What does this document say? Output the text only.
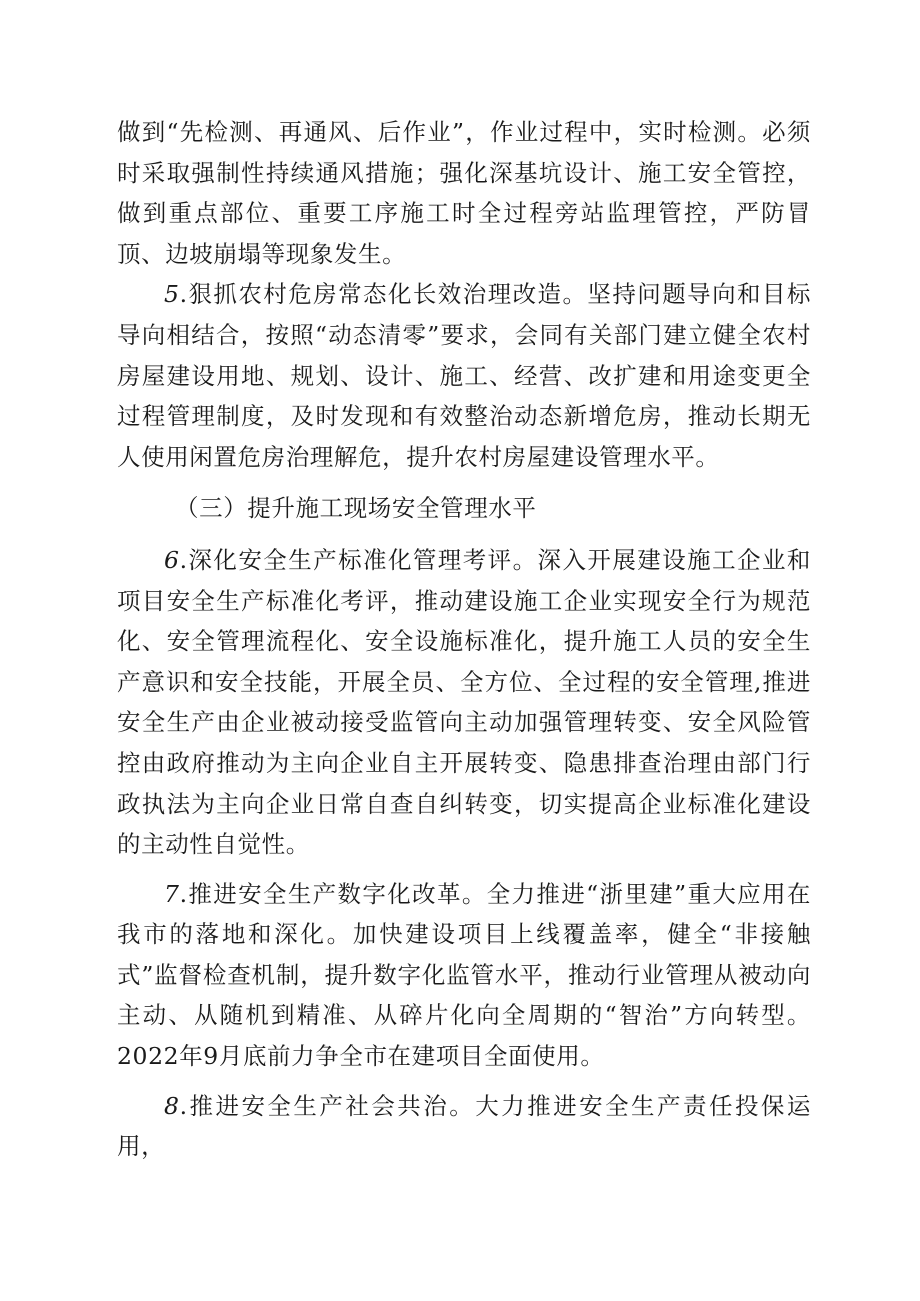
做到“先检测、再通风、后作业”，作业过程中，实时检测。必须时采取强制性持续通风措施；强化深基坑设计、施工安全管控，做到重点部位、重要工序施工时全过程旁站监理管控，严防冒顶、边坡崩塌等现象发生。

5.狠抓农村危房常态化长效治理改造。坚持问题导向和目标导向相结合，按照“动态清零”要求，会同有关部门建立健全农村房屋建设用地、规划、设计、施工、经营、改扩建和用途变更全过程管理制度，及时发现和有效整治动态新增危房，推动长期无人使用闲置危房治理解危，提升农村房屋建设管理水平。

（三）提升施工现场安全管理水平

6.深化安全生产标准化管理考评。深入开展建设施工企业和项目安全生产标准化考评，推动建设施工企业实现安全行为规范化、安全管理流程化、安全设施标准化，提升施工人员的安全生产意识和安全技能，开展全员、全方位、全过程的安全管理,推进安全生产由企业被动接受监管向主动加强管理转变、安全风险管控由政府推动为主向企业自主开展转变、隐患排查治理由部门行政执法为主向企业日常自查自纠转变，切实提高企业标准化建设的主动性自觉性。

7.推进安全生产数字化改革。全力推进“浙里建”重大应用在我市的落地和深化。加快建设项目上线覆盖率，健全“非接触式”监督检查机制，提升数字化监管水平，推动行业管理从被动向主动、从随机到精准、从碎片化向全周期的“智治”方向转型。2022年9月底前力争全市在建项目全面使用。

8.推进安全生产社会共治。大力推进安全生产责任投保运用，
